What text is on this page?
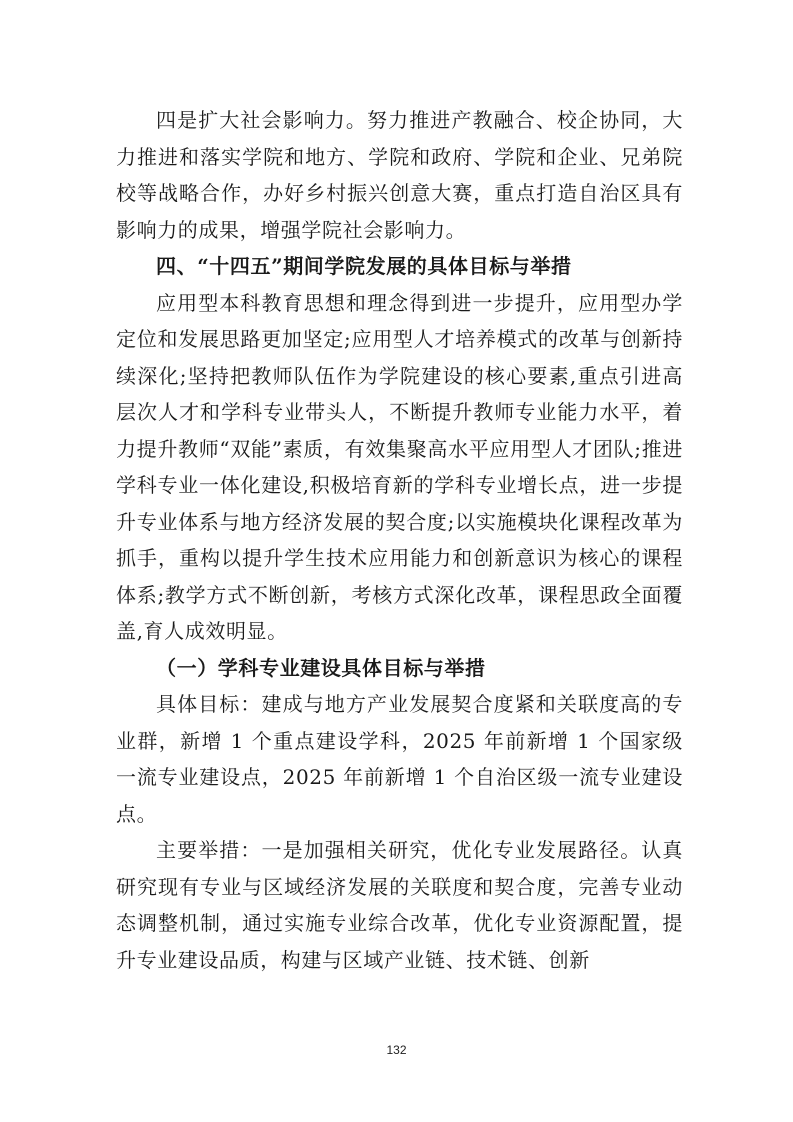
四是扩大社会影响力。努力推进产教融合、校企协同，大力推进和落实学院和地方、学院和政府、学院和企业、兄弟院校等战略合作，办好乡村振兴创意大赛，重点打造自治区具有影响力的成果，增强学院社会影响力。

四、“十四五”期间学院发展的具体目标与举措

应用型本科教育思想和理念得到进一步提升，应用型办学定位和发展思路更加坚定;应用型人才培养模式的改革与创新持续深化;坚持把教师队伍作为学院建设的核心要素,重点引进高层次人才和学科专业带头人，不断提升教师专业能力水平，着力提升教师“双能”素质，有效集聚高水平应用型人才团队;推进学科专业一体化建设,积极培育新的学科专业增长点，进一步提升专业体系与地方经济发展的契合度;以实施模块化课程改革为抓手，重构以提升学生技术应用能力和创新意识为核心的课程体系;教学方式不断创新，考核方式深化改革，课程思政全面覆盖,育人成效明显。

（一）学科专业建设具体目标与举措

具体目标：建成与地方产业发展契合度紧和关联度高的专业群，新增 1 个重点建设学科，2025 年前新增 1 个国家级一流专业建设点，2025 年前新增 1 个自治区级一流专业建设点。

主要举措：一是加强相关研究，优化专业发展路径。认真研究现有专业与区域经济发展的关联度和契合度，完善专业动态调整机制，通过实施专业综合改革，优化专业资源配置，提升专业建设品质，构建与区域产业链、技术链、创新

132
